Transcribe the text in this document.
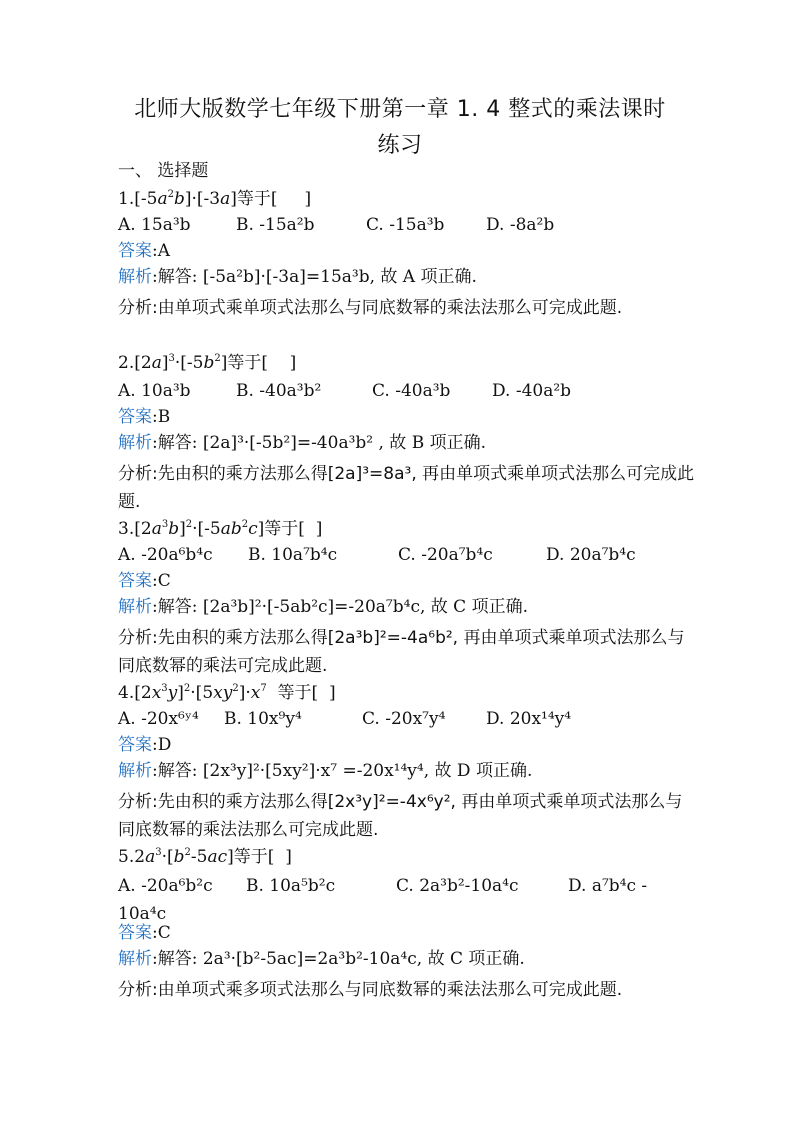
北师大版数学七年级下册第一章 1. 4 整式的乘法课时
练习
一、 选择题
$1.[-5a^2b]\cdot[-3a]$等于[     ]
A. 15a³b	B. -15a²b	C. -15a³b D. -8a²b
答案:A
解析:解答: [-5a²b]·[-3a]=15a³b, 故 A 项正确.
分析:由单项式乘单项式法那么与同底数幂的乘法法那么可完成此题.
$2.[2a]^3\cdot[-5b^2]$等于[    ]
A. 10a³b	B. -40a³b²	C. -40a³b D. -40a²b
答案:B
解析:解答: [2a]³·[-5b²]=-40a³b² , 故 B 项正确.
分析:先由积的乘方法那么得[2a]³=8a³, 再由单项式乘单项式法那么可完成此题.
$3.[2a^3b]^2\cdot[-5ab^2c]$等于[  ]
A. -20a⁶b⁴c B. 10a⁷b⁴c	C. -20a⁷b⁴c	D. 20a⁷b⁴c
答案:C
解析:解答: [2a³b]²·[-5ab²c]=-20a⁷b⁴c, 故 C 项正确.
分析:先由积的乘方法那么得[2a³b]²=-4a⁶b², 再由单项式乘单项式法那么与同底数幂的乘法可完成此题.
$4.[2x^3y]^2\cdot[5xy^2]\cdot x^7$ 等于[  ]
A. -20x⁶ʸ⁴ B. 10x⁹y⁴	C. -20x⁷y⁴ D. 20x¹⁴y⁴
答案:D
解析:解答: [2x³y]²·[5xy²]·x⁷ =-20x¹⁴y⁴, 故 D 项正确.
分析:先由积的乘方法那么得[2x³y]²=-4x⁶y², 再由单项式乘单项式法那么与同底数幂的乘法法那么可完成此题.
$5.2a^3\cdot[b^2-5ac]$等于[  ]
A. -20a⁶b²c B. 10a⁵b²c	C. 2a³b²-10a⁴c	D. a⁷b⁴c - 10a⁴c
答案:C
解析:解答: 2a³·[b²-5ac]=2a³b²-10a⁴c, 故 C 项正确.
分析:由单项式乘多项式法那么与同底数幂的乘法法那么可完成此题.
